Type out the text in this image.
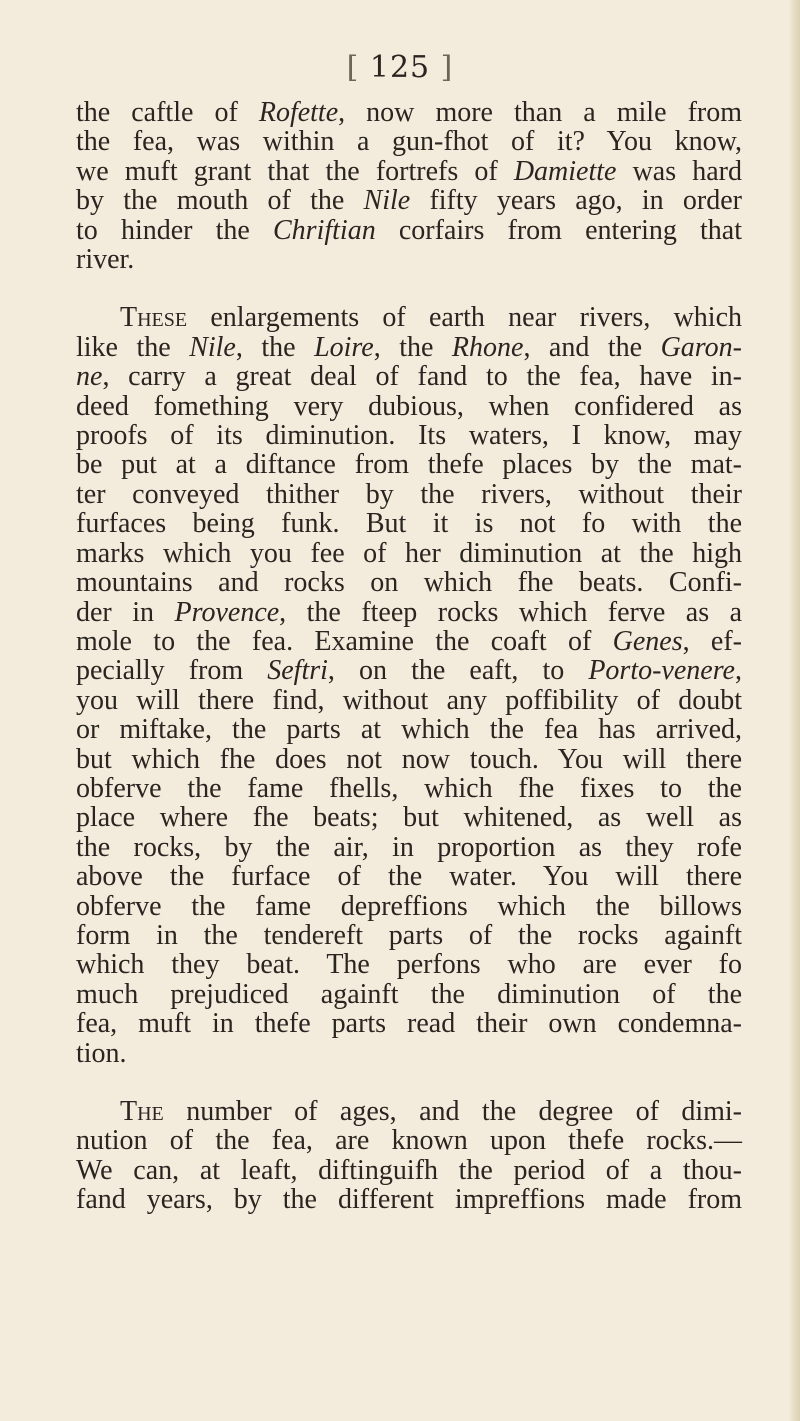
[ 125 ]
the caftle of Rofette, now more than a mile from
the fea, was within a gun-fhot of it? You know,
we muft grant that the fortrefs of Damiette was hard
by the mouth of the Nile fifty years ago, in order
to hinder the Chriftian corfairs from entering that
river.
These enlargements of earth near rivers, which
like the Nile, the Loire, the Rhone, and the Garon-
ne, carry a great deal of fand to the fea, have in-
deed fomething very dubious, when confidered as
proofs of its diminution. Its waters, I know, may
be put at a diftance from thefe places by the mat-
ter conveyed thither by the rivers, without their
furfaces being funk. But it is not fo with the
marks which you fee of her diminution at the high
mountains and rocks on which fhe beats. Confi-
der in Provence, the fteep rocks which ferve as a
mole to the fea. Examine the coaft of Genes, ef-
pecially from Seftri, on the eaft, to Porto-venere,
you will there find, without any poffibility of doubt
or miftake, the parts at which the fea has arrived,
but which fhe does not now touch. You will there
obferve the fame fhells, which fhe fixes to the
place where fhe beats; but whitened, as well as
the rocks, by the air, in proportion as they rofe
above the furface of the water. You will there
obferve the fame depreffions which the billows
form in the tendereft parts of the rocks againft
which they beat. The perfons who are ever fo
much prejudiced againft the diminution of the
fea, muft in thefe parts read their own condemna-
tion.
The number of ages, and the degree of dimi-
nution of the fea, are known upon thefe rocks.—
We can, at leaft, diftinguifh the period of a thou-
fand years, by the different impreffions made from
